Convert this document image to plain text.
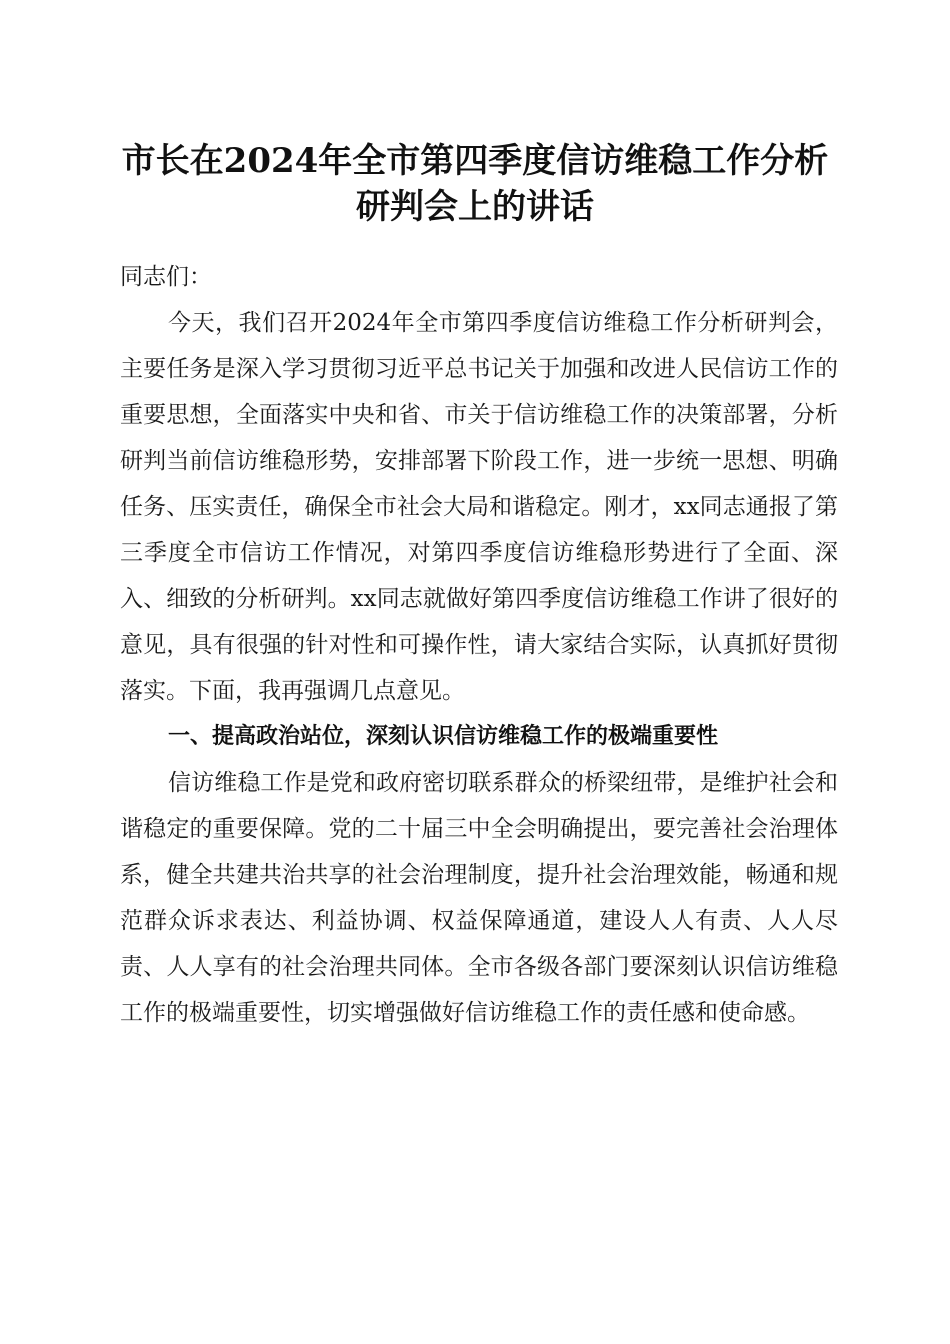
市长在2024年全市第四季度信访维稳工作分析研判会上的讲话

同志们：

今天，我们召开2024年全市第四季度信访维稳工作分析研判会，主要任务是深入学习贯彻习近平总书记关于加强和改进人民信访工作的重要思想，全面落实中央和省、市关于信访维稳工作的决策部署，分析研判当前信访维稳形势，安排部署下阶段工作，进一步统一思想、明确任务、压实责任，确保全市社会大局和谐稳定。刚才，xx同志通报了第三季度全市信访工作情况，对第四季度信访维稳形势进行了全面、深入、细致的分析研判。xx同志就做好第四季度信访维稳工作讲了很好的意见，具有很强的针对性和可操作性，请大家结合实际，认真抓好贯彻落实。下面，我再强调几点意见。

一、提高政治站位，深刻认识信访维稳工作的极端重要性

信访维稳工作是党和政府密切联系群众的桥梁纽带，是维护社会和谐稳定的重要保障。党的二十届三中全会明确提出，要完善社会治理体系，健全共建共治共享的社会治理制度，提升社会治理效能，畅通和规范群众诉求表达、利益协调、权益保障通道，建设人人有责、人人尽责、人人享有的社会治理共同体。全市各级各部门要深刻认识信访维稳工作的极端重要性，切实增强做好信访维稳工作的责任感和使命感。
